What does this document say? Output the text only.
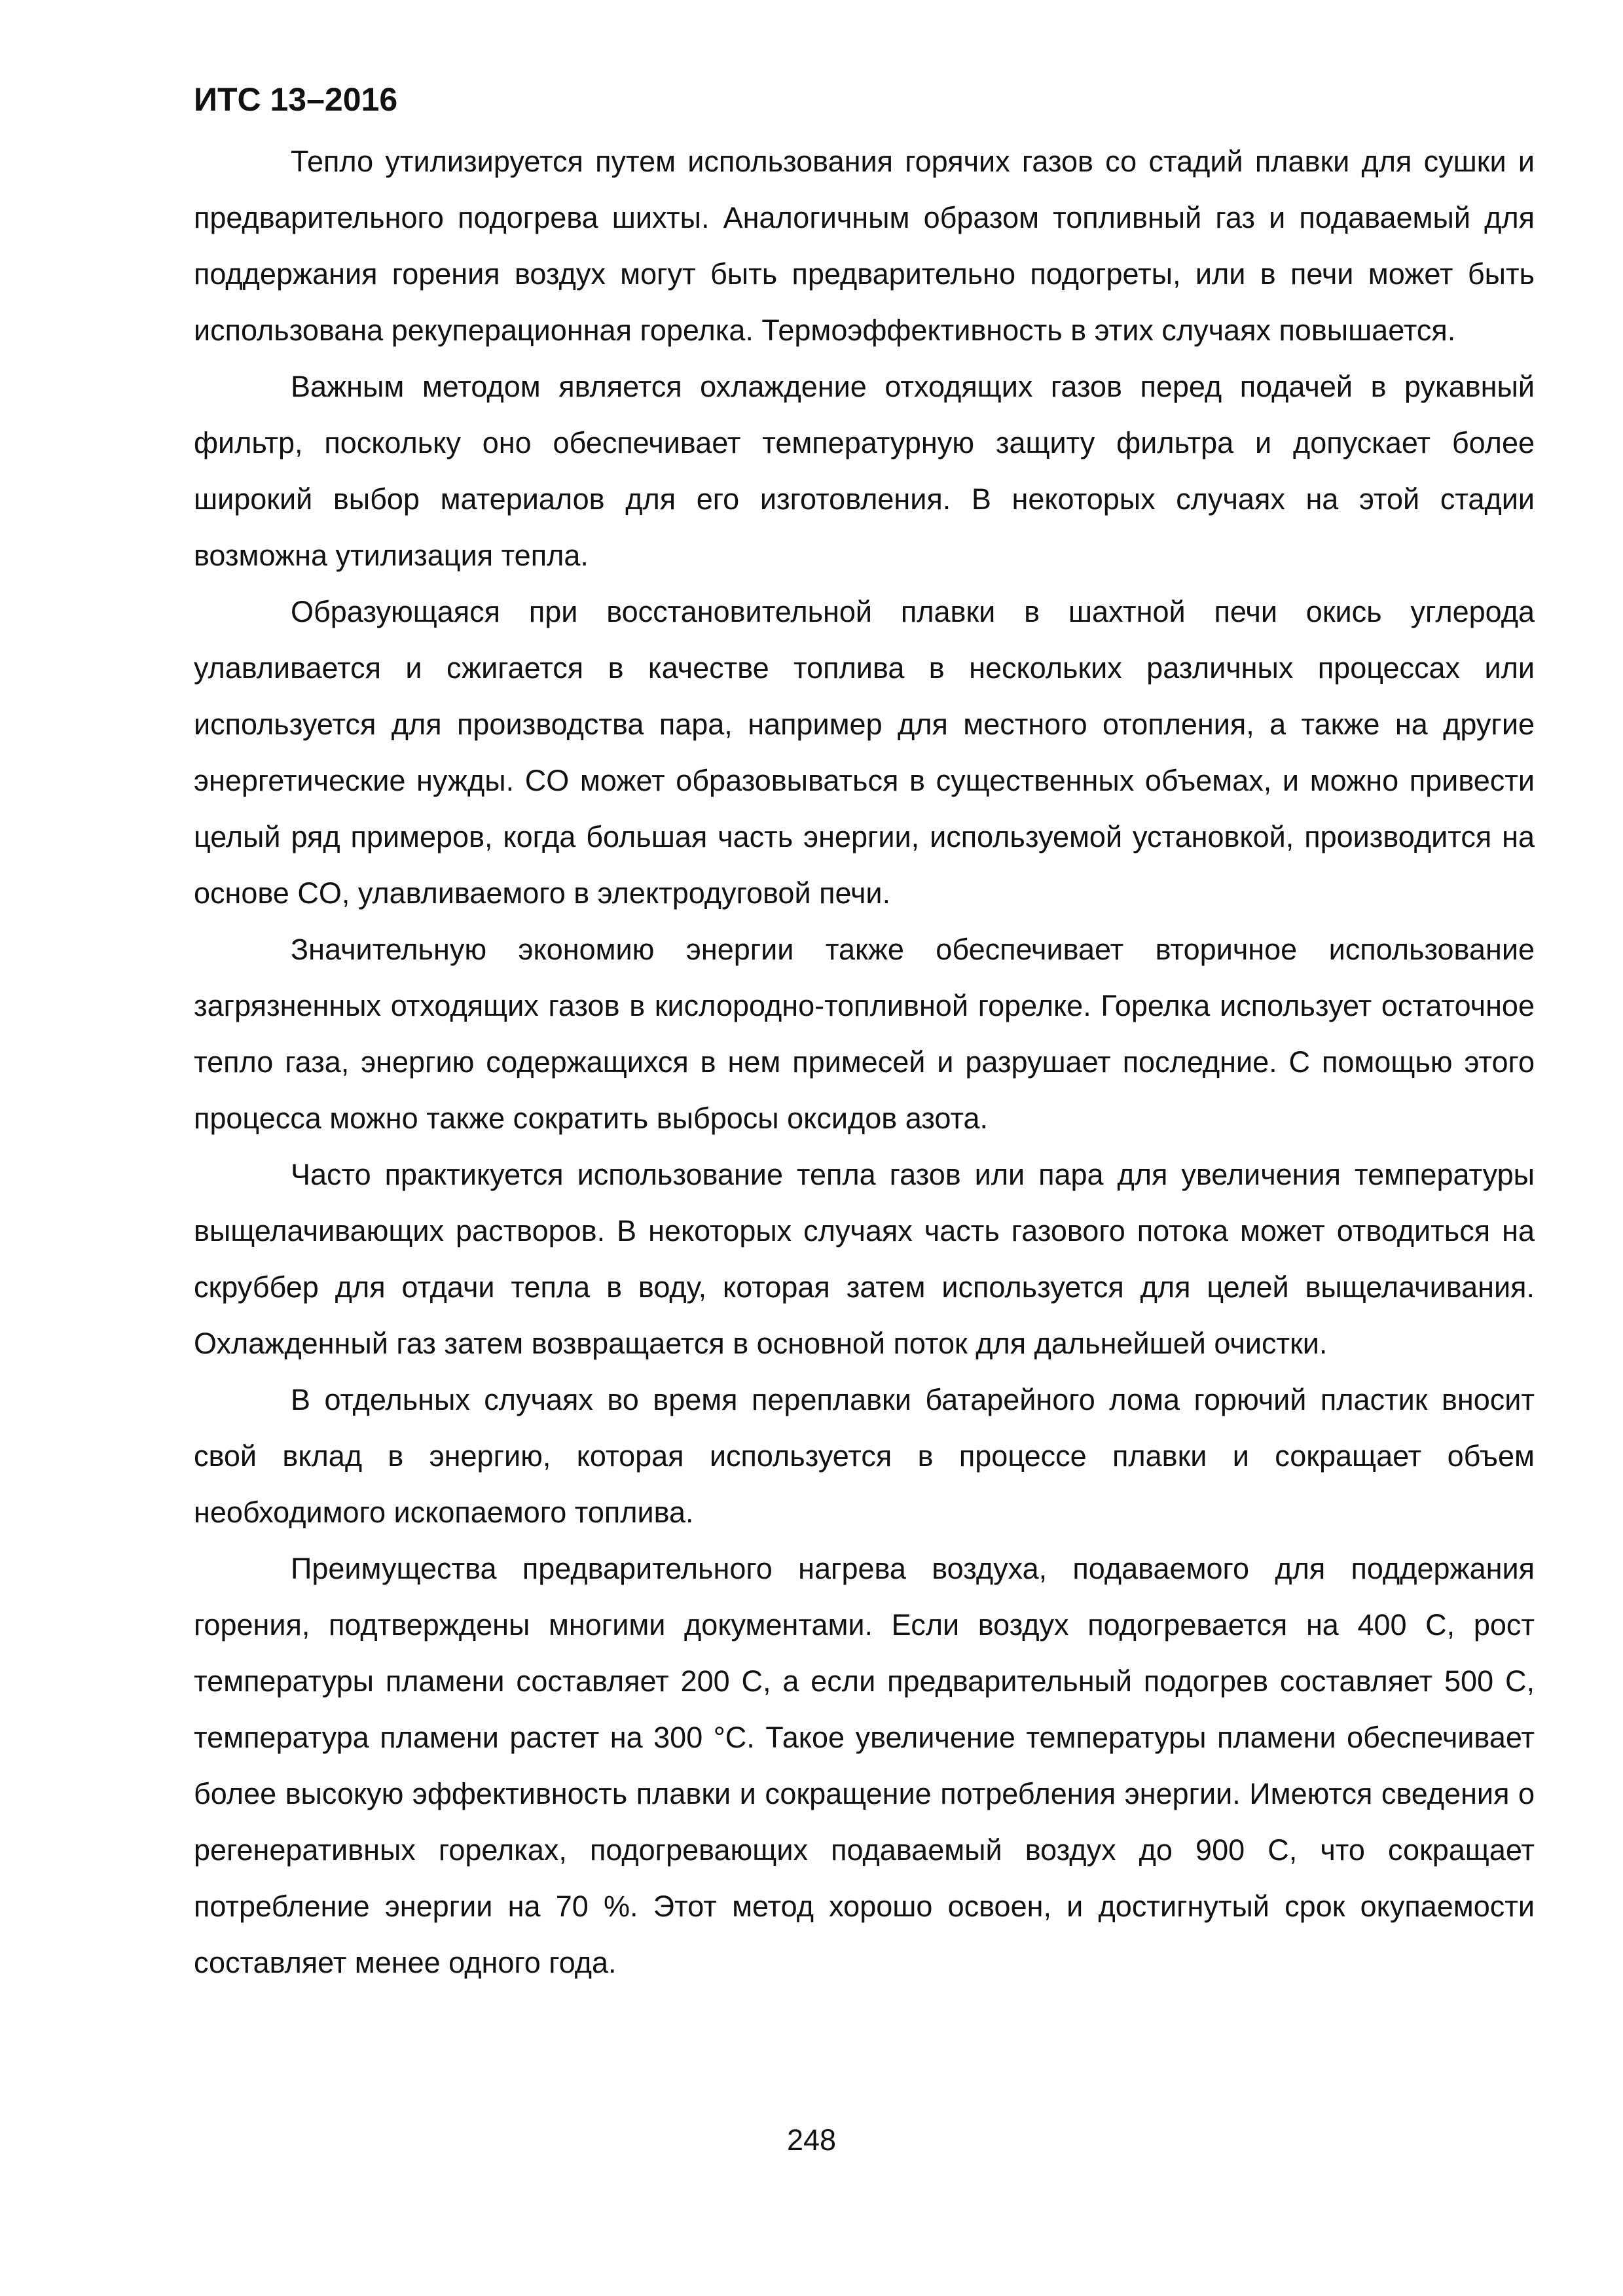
ИТС 13–2016

Тепло утилизируется путем использования горячих газов со стадий плавки для сушки и предварительного подогрева шихты. Аналогичным образом топливный газ и подаваемый для поддержания горения воздух могут быть предварительно подогреты, или в печи может быть использована рекуперационная горелка. Термоэффективность в этих случаях повышается.

Важным методом является охлаждение отходящих газов перед подачей в рукавный фильтр, поскольку оно обеспечивает температурную защиту фильтра и допускает более широкий выбор материалов для его изготовления. В некоторых случаях на этой стадии возможна утилизация тепла.

Образующаяся при восстановительной плавки в шахтной печи окись углерода улавливается и сжигается в качестве топлива в нескольких различных процессах или используется для производства пара, например для местного отопления, а также на другие энергетические нужды. CO может образовываться в существенных объемах, и можно привести целый ряд примеров, когда большая часть энергии, используемой установкой, производится на основе CO, улавливаемого в электродуговой печи.

Значительную экономию энергии также обеспечивает вторичное использование загрязненных отходящих газов в кислородно-топливной горелке. Горелка использует остаточное тепло газа, энергию содержащихся в нем примесей и разрушает последние. С помощью этого процесса можно также сократить выбросы оксидов азота.

Часто практикуется использование тепла газов или пара для увеличения температуры выщелачивающих растворов. В некоторых случаях часть газового потока может отводиться на скруббер для отдачи тепла в воду, которая затем используется для целей выщелачивания. Охлажденный газ затем возвращается в основной поток для дальнейшей очистки.

В отдельных случаях во время переплавки батарейного лома горючий пластик вносит свой вклад в энергию, которая используется в процессе плавки и сокращает объем необходимого ископаемого топлива.

Преимущества предварительного нагрева воздуха, подаваемого для поддержания горения, подтверждены многими документами. Если воздух подогревается на 400 С, рост температуры пламени составляет 200 С, а если предварительный подогрев составляет 500 С, температура пламени растет на 300 °С. Такое увеличение температуры пламени обеспечивает более высокую эффективность плавки и сокращение потребления энергии. Имеются сведения о регенеративных горелках, подогревающих подаваемый воздух до 900 С, что сокращает потребление энергии на 70 %. Этот метод хорошо освоен, и достигнутый срок окупаемости составляет менее одного года.

248
